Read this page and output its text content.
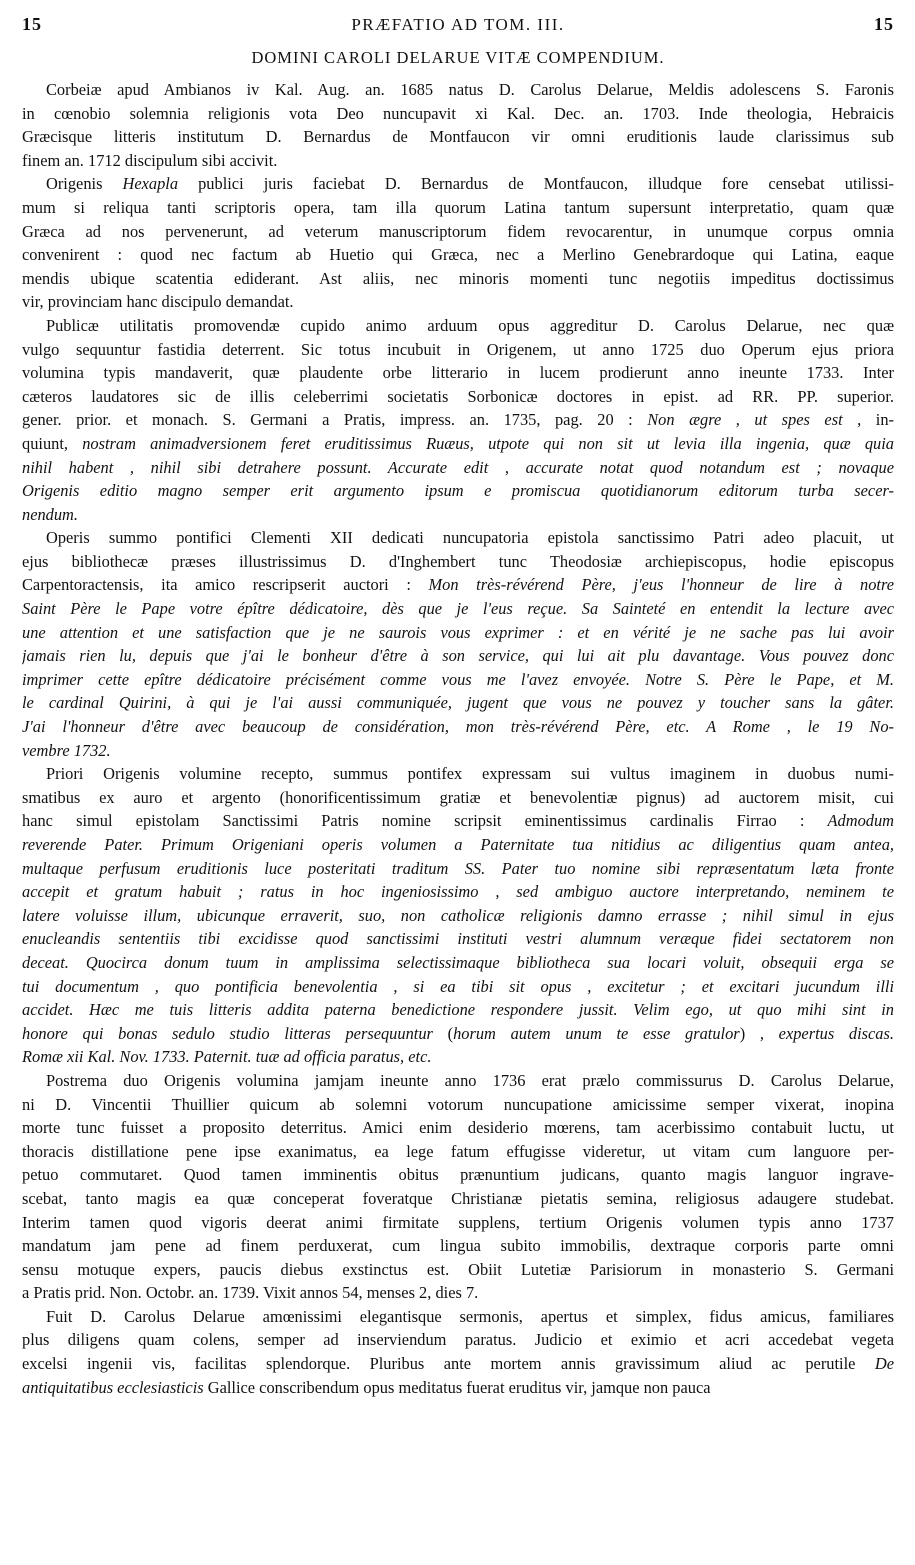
15	PRÆFATIO AD TOM. III.	15
DOMINI CAROLI DELARUE VITÆ COMPENDIUM.

Corbeiæ apud Ambianos iv Kal. Aug. an. 1685 natus D. Carolus Delarue, Meldis adolescens S. Faronis
in cœnobio solemnia religionis vota Deo nuncupavit xi Kal. Dec. an. 1703. Inde theologia, Hebraicis
Græcisque litteris institutum D. Bernardus de Montfaucon vir omni eruditionis laude clarissimus sub
finem an. 1712 discipulum sibi accivit.

Origenis Hexapla publici juris faciebat D. Bernardus de Montfaucon, illudque fore censebat utilissi-
mum si reliqua tanti scriptoris opera, tam illa quorum Latina tantum supersunt interpretatio, quam quæ
Græca ad nos pervenerunt, ad veterum manuscriptorum fidem revocarentur, in unumque corpus omnia
convenirent : quod nec factum ab Huetio qui Græca, nec a Merlino Genebrardoque qui Latina, eaque
mendis ubique scatentia ediderant. Ast aliis, nec minoris momenti tunc negotiis impeditus doctissimus
vir, provinciam hanc discipulo demandat.

Publicæ utilitatis promovendæ cupido animo arduum opus aggreditur D. Carolus Delarue, nec quæ
vulgo sequuntur fastidia deterrent. Sic totus incubuit in Origenem, ut anno 1725 duo Operum ejus priora
volumina typis mandaverit, quæ plaudente orbe litterario in lucem prodierunt anno ineunte 1733. Inter
cæteros laudatores sic de illis celeberrimi societatis Sorbonicæ doctores in epist. ad RR. PP. superior.
gener. prior. et monach. S. Germani a Pratis, impress. an. 1735, pag. 20 : Non ægre , ut spes est , in-
quiunt, nostram animadversionem feret eruditissimus Ruæus, utpote qui non sit ut levia illa ingenia, quæ quia
nihil habent , nihil sibi detrahere possunt. Accurate edit , accurate notat quod notandum est ; novaque
Origenis editio magno semper erit argumento ipsum e promiscua quotidianorum editorum turba secer-
nendum.

Operis summo pontifici Clementi XII dedicati nuncupatoria epistola sanctissimo Patri adeo placuit, ut
ejus bibliothecæ præses illustrissimus D. d'Inghembert tunc Theodosiæ archiepiscopus, hodie episcopus
Carpentoractensis, ita amico rescripserit auctori : Mon très-révérend Père, j'eus l'honneur de lire à notre
Saint Père le Pape votre épître dédicatoire, dès que je l'eus reçue. Sa Sainteté en entendit la lecture avec
une attention et une satisfaction que je ne saurois vous exprimer : et en vérité je ne sache pas lui avoir
jamais rien lu, depuis que j'ai le bonheur d'être à son service, qui lui ait plu davantage. Vous pouvez donc
imprimer cette epître dédicatoire précisément comme vous me l'avez envoyée. Notre S. Père le Pape, et M.
le cardinal Quirini, à qui je l'ai aussi communiquée, jugent que vous ne pouvez y toucher sans la gâter.
J'ai l'honneur d'être avec beaucoup de considération, mon très-révérend Père, etc. A Rome , le 19 No-
vembre 1732.

Priori Origenis volumine recepto, summus pontifex expressam sui vultus imaginem in duobus numi-
smatibus ex auro et argento (honorificentissimum gratiæ et benevolentiæ pignus) ad auctorem misit, cui
hanc simul epistolam Sanctissimi Patris nomine scripsit eminentissimus cardinalis Firrao : Admodum
reverende Pater. Primum Origeniani operis volumen a Paternitate tua nitidius ac diligentius quam antea,
multaque perfusum eruditionis luce posteritati traditum SS. Pater tuo nomine sibi repræsentatum læta fronte
accepit et gratum habuit ; ratus in hoc ingeniosissimo , sed ambiguo auctore interpretando, neminem te
latere voluisse illum, ubicunque erraverit, suo, non catholicæ religionis damno errasse ; nihil simul in ejus
enucleandis sententiis tibi excidisse quod sanctissimi instituti vestri alumnum veræque fidei sectatorem non
deceat. Quocirca donum tuum in amplissima selectissimaque bibliotheca sua locari voluit, obsequii erga se
tui documentum , quo pontificia benevolentia , si ea tibi sit opus , excitetur ; et excitari jucundum illi
accidet. Hæc me tuis litteris addita paterna benedictione respondere jussit. Velim ego, ut quo mihi sint in
honore qui bonas sedulo studio litteras persequuntur (horum autem unum te esse gratulor) , expertus discas.
Romæ xii Kal. Nov. 1733. Paternit. tuæ ad officia paratus, etc.

Postrema duo Origenis volumina jamjam ineunte anno 1736 erat prælo commissurus D. Carolus Delarue,
ni D. Vincentii Thuillier quicum ab solemni votorum nuncupatione amicissime semper vixerat, inopina
morte tunc fuisset a proposito deterritus. Amici enim desiderio mœrens, tam acerbissimo contabuit luctu, ut
thoracis distillatione pene ipse exanimatus, ea lege fatum effugisse videretur, ut vitam cum languore per-
petuo commutaret. Quod tamen imminentis obitus prænuntium judicans, quanto magis languor ingrave-
scebat, tanto magis ea quæ conceperat foveratque Christianæ pietatis semina, religiosus adaugere studebat.
Interim tamen quod vigoris deerat animi firmitate supplens, tertium Origenis volumen typis anno 1737
mandatum jam pene ad finem perduxerat, cum lingua subito immobilis, dextraque corporis parte omni
sensu motuque expers, paucis diebus exstinctus est. Obiit Lutetiæ Parisiorum in monasterio S. Germani
a Pratis prid. Non. Octobr. an. 1739. Vixit annos 54, menses 2, dies 7.

Fuit D. Carolus Delarue amœnissimi elegantisque sermonis, apertus et simplex, fidus amicus, familiares
plus diligens quam colens, semper ad inserviendum paratus. Judicio et eximio et acri accedebat vegeta
excelsi ingenii vis, facilitas splendorque. Pluribus ante mortem annis gravissimum aliud ac perutile De
antiquitatibus ecclesiasticis Gallice conscribendum opus meditatus fuerat eruditus vir, jamque non pauca
